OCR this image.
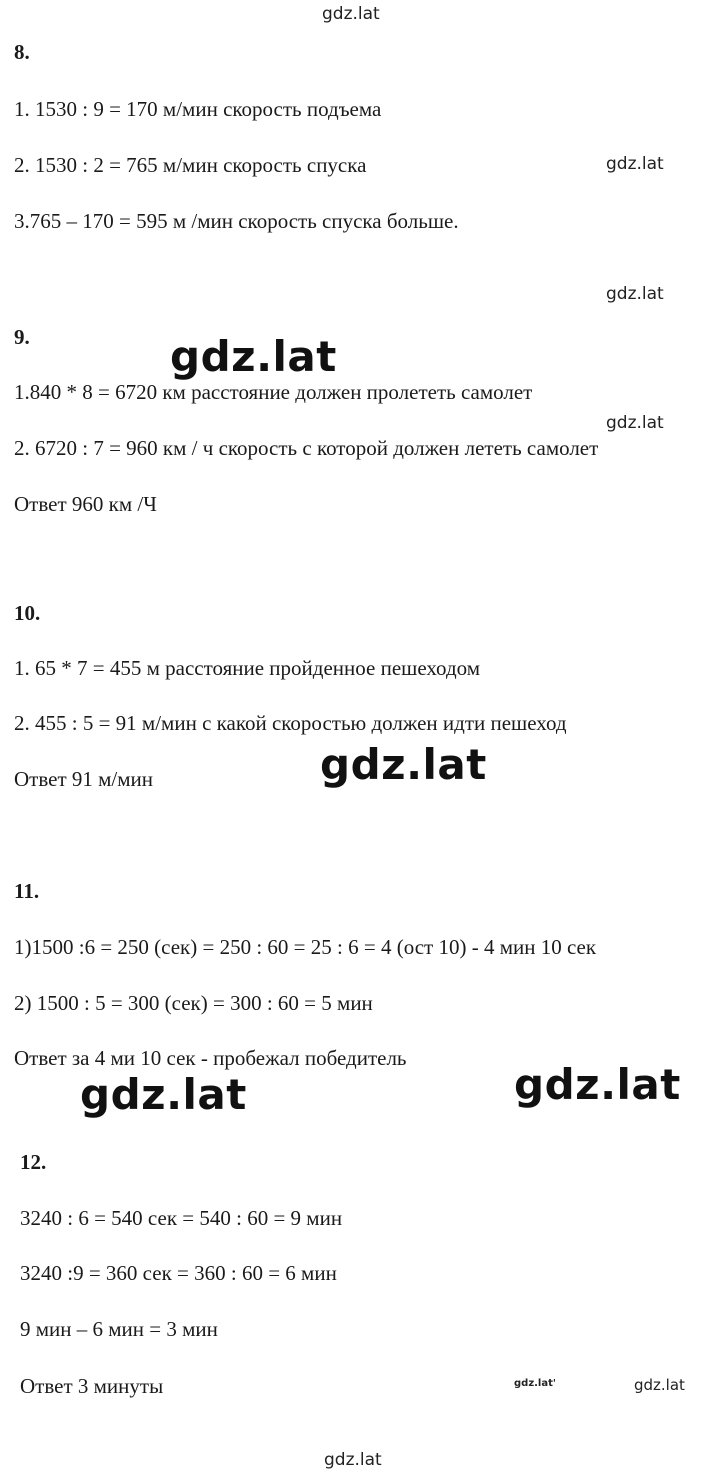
gdz.lat
gdz.lat
gdz.lat
gdz.lat
gdz.lat
gdz.lat
gdz.lat	gdz.lat
gdz.lat'	gdz.lat
gdz.lat
8.
1. 1530 : 9 = 170 м/мин скорость подъема
2. 1530 : 2 = 765 м/мин скорость спуска
3.765 – 170 = 595 м /мин скорость спуска больше.
9.
1.840 * 8 = 6720 км расстояние должен пролететь самолет
2. 6720 : 7 = 960 км / ч скорость с которой должен лететь самолет
Ответ 960 км /Ч
10.
1. 65 * 7 = 455 м расстояние пройденное пешеходом
2. 455 : 5 = 91 м/мин с какой скоростью должен идти пешеход
Ответ 91 м/мин
11.
1)1500 :6 = 250 (сек) = 250 : 60 = 25 : 6 = 4 (ост 10) - 4 мин 10 сек
2) 1500 : 5 = 300 (сек) = 300 : 60 = 5 мин
Ответ за 4 ми 10 сек - пробежал победитель
12.
3240 : 6 = 540 сек = 540 : 60 = 9 мин
3240 :9 = 360 сек = 360 : 60 = 6 мин
9 мин – 6 мин = 3 мин
Ответ 3 минуты
